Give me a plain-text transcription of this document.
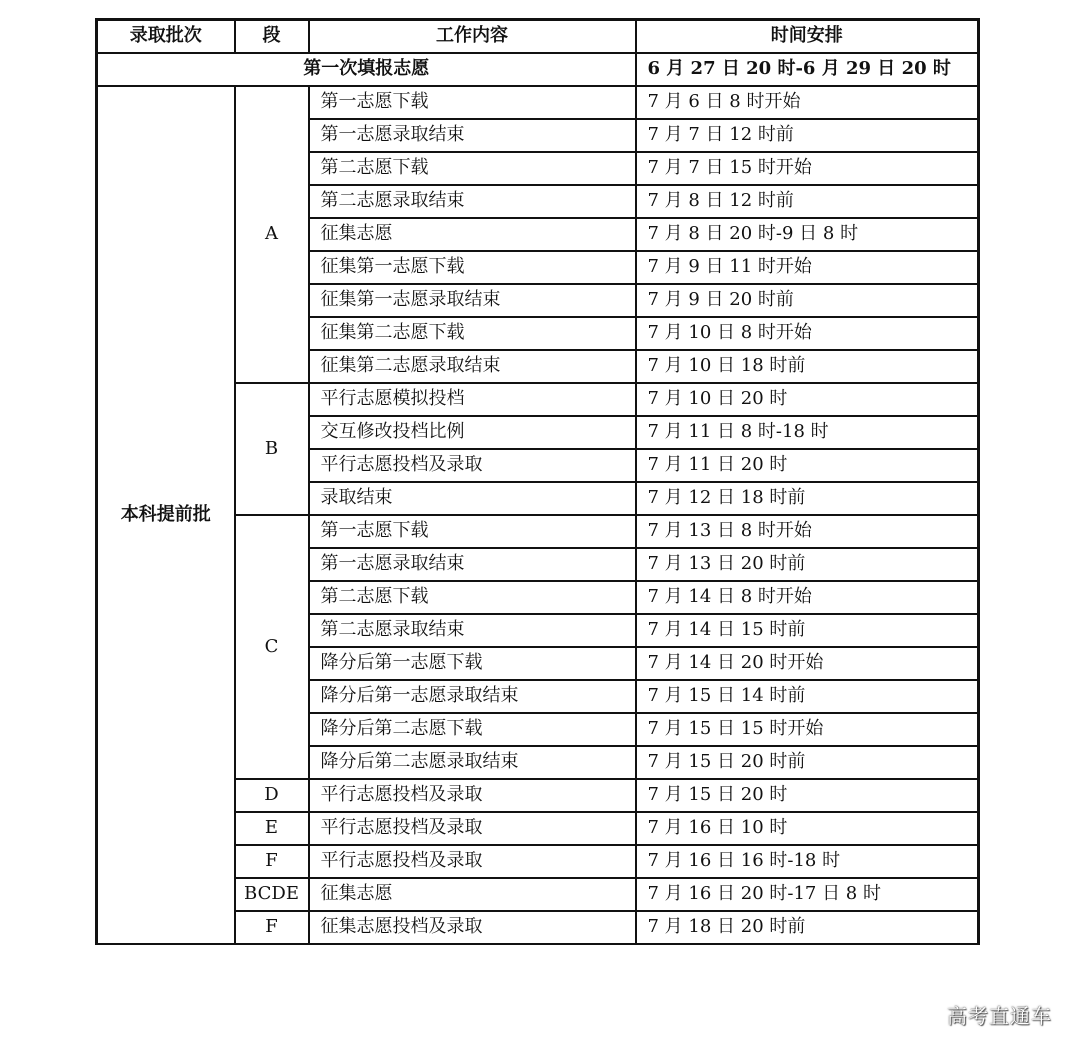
录取批次	段	工作内容	时间安排
第一次填报志愿			6 月 27 日 20 时-6 月 29 日 20 时
本科提前批	A	第一志愿下载	7 月 6 日 8 时开始
		第一志愿录取结束	7 月 7 日 12 时前
		第二志愿下载	7 月 7 日 15 时开始
		第二志愿录取结束	7 月 8 日 12 时前
		征集志愿	7 月 8 日 20 时-9 日 8 时
		征集第一志愿下载	7 月 9 日 11 时开始
		征集第一志愿录取结束	7 月 9 日 20 时前
		征集第二志愿下载	7 月 10 日 8 时开始
		征集第二志愿录取结束	7 月 10 日 18 时前
	B	平行志愿模拟投档	7 月 10 日 20 时
		交互修改投档比例	7 月 11 日 8 时-18 时
		平行志愿投档及录取	7 月 11 日 20 时
		录取结束	7 月 12 日 18 时前
	C	第一志愿下载	7 月 13 日 8 时开始
		第一志愿录取结束	7 月 13 日 20 时前
		第二志愿下载	7 月 14 日 8 时开始
		第二志愿录取结束	7 月 14 日 15 时前
		降分后第一志愿下载	7 月 14 日 20 时开始
		降分后第一志愿录取结束	7 月 15 日 14 时前
		降分后第二志愿下载	7 月 15 日 15 时开始
		降分后第二志愿录取结束	7 月 15 日 20 时前
	D	平行志愿投档及录取	7 月 15 日 20 时
	E	平行志愿投档及录取	7 月 16 日 10 时
	F	平行志愿投档及录取	7 月 16 日 16 时-18 时
	BCDE	征集志愿	7 月 16 日 20 时-17 日 8 时
	F	征集志愿投档及录取	7 月 18 日 20 时前
高考直通车
